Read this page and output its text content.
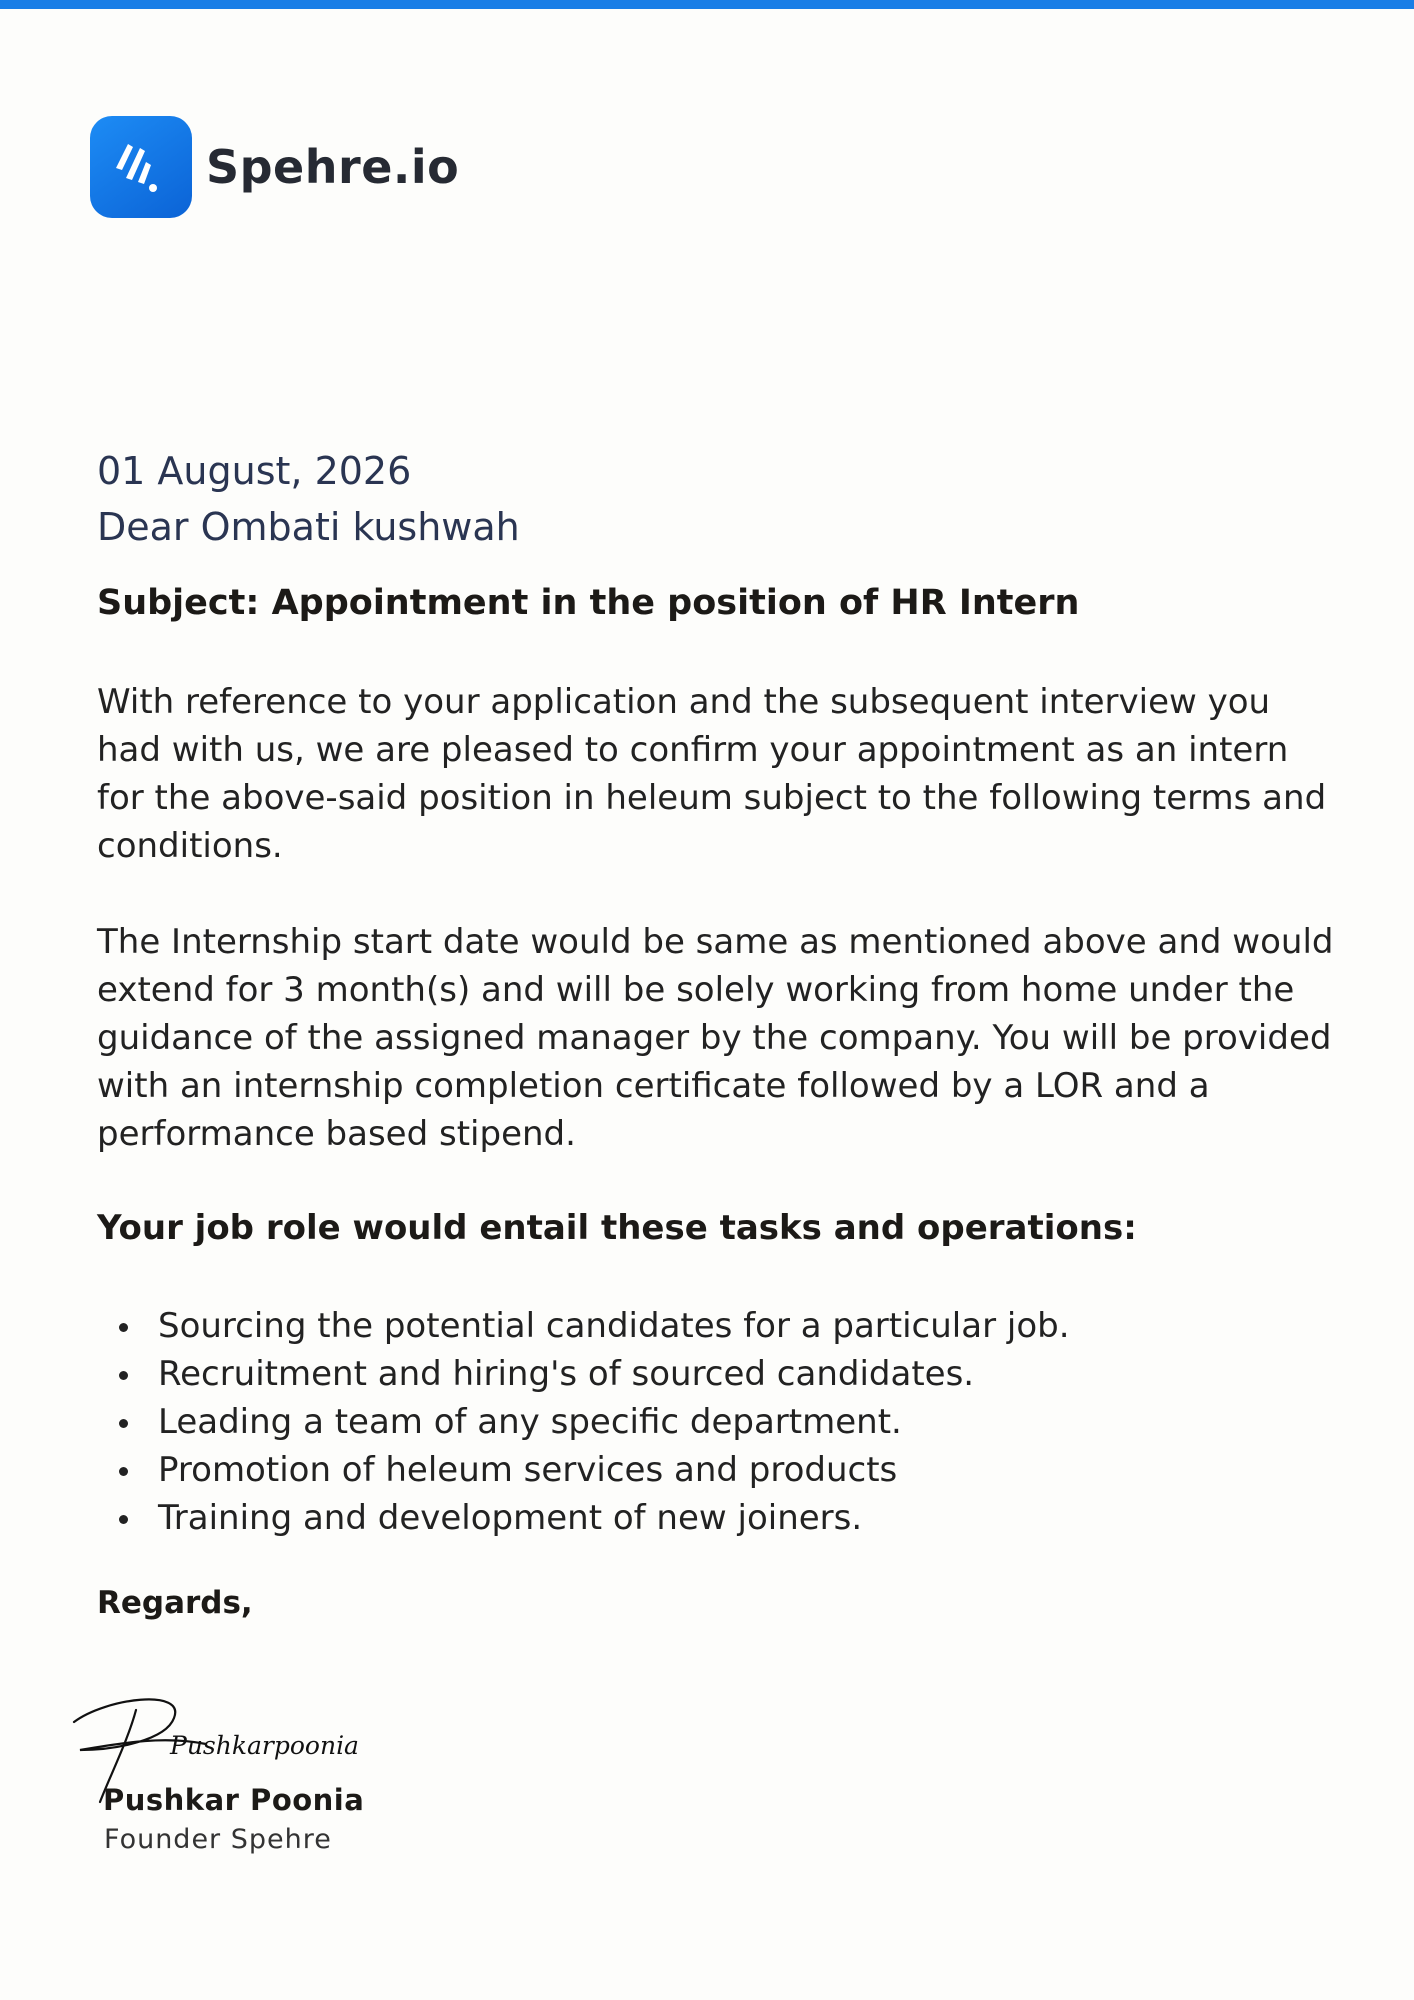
Spehre.io
01 August, 2026
Dear Ombati kushwah
Subject: Appointment in the position of HR Intern

With reference to your application and the subsequent interview you had with us, we are pleased to confirm your appointment as an intern for the above-said position in heleum subject to the following terms and conditions.

The Internship start date would be same as mentioned above and would extend for 3 month(s) and will be solely working from home under the guidance of the assigned manager by the company. You will be provided with an internship completion certificate followed by a LOR and a performance based stipend.

Your job role would entail these tasks and operations:
Sourcing the potential candidates for a particular job.
Recruitment and hiring's of sourced candidates.
Leading a team of any specific department.
Promotion of heleum services and products
Training and development of new joiners.
Regards,
Pushkarpoonia
Pushkar Poonia
Founder Spehre
